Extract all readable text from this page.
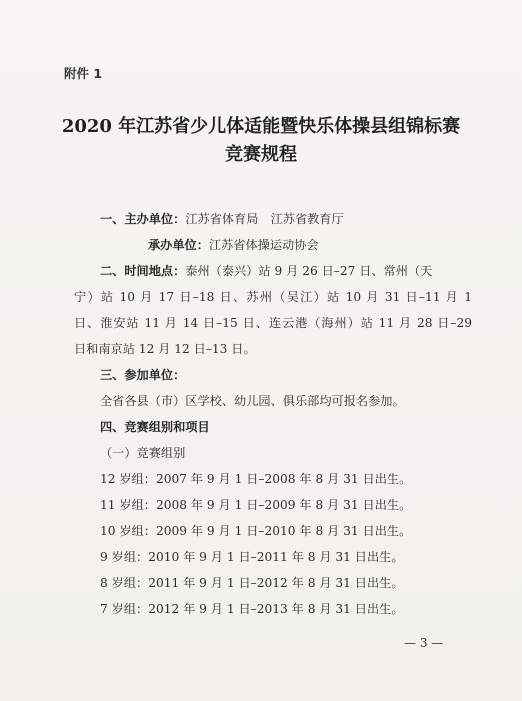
附件 1
2020 年江苏省少儿体适能暨快乐体操县组锦标赛
竞赛规程
一、主办单位：江苏省体育局　江苏省教育厅
承办单位：江苏省体操运动协会
二、时间地点：泰州（泰兴）站 9 月 26 日–27 日、常州（天
宁）站 10 月 17 日–18 日、苏州（吴江）站 10 月 31 日–11 月 1
日、淮安站 11 月 14 日–15 日、连云港（海州）站 11 月 28 日–29
日和南京站 12 月 12 日–13 日。
三、参加单位：
全省各县（市）区学校、幼儿园、俱乐部均可报名参加。
四、竞赛组别和项目
（一）竞赛组别
12 岁组：2007 年 9 月 1 日–2008 年 8 月 31 日出生。
11 岁组：2008 年 9 月 1 日–2009 年 8 月 31 日出生。
10 岁组：2009 年 9 月 1 日–2010 年 8 月 31 日出生。
9 岁组：2010 年 9 月 1 日–2011 年 8 月 31 日出生。
8 岁组：2011 年 9 月 1 日–2012 年 8 月 31 日出生。
7 岁组：2012 年 9 月 1 日–2013 年 8 月 31 日出生。
— 3 —
